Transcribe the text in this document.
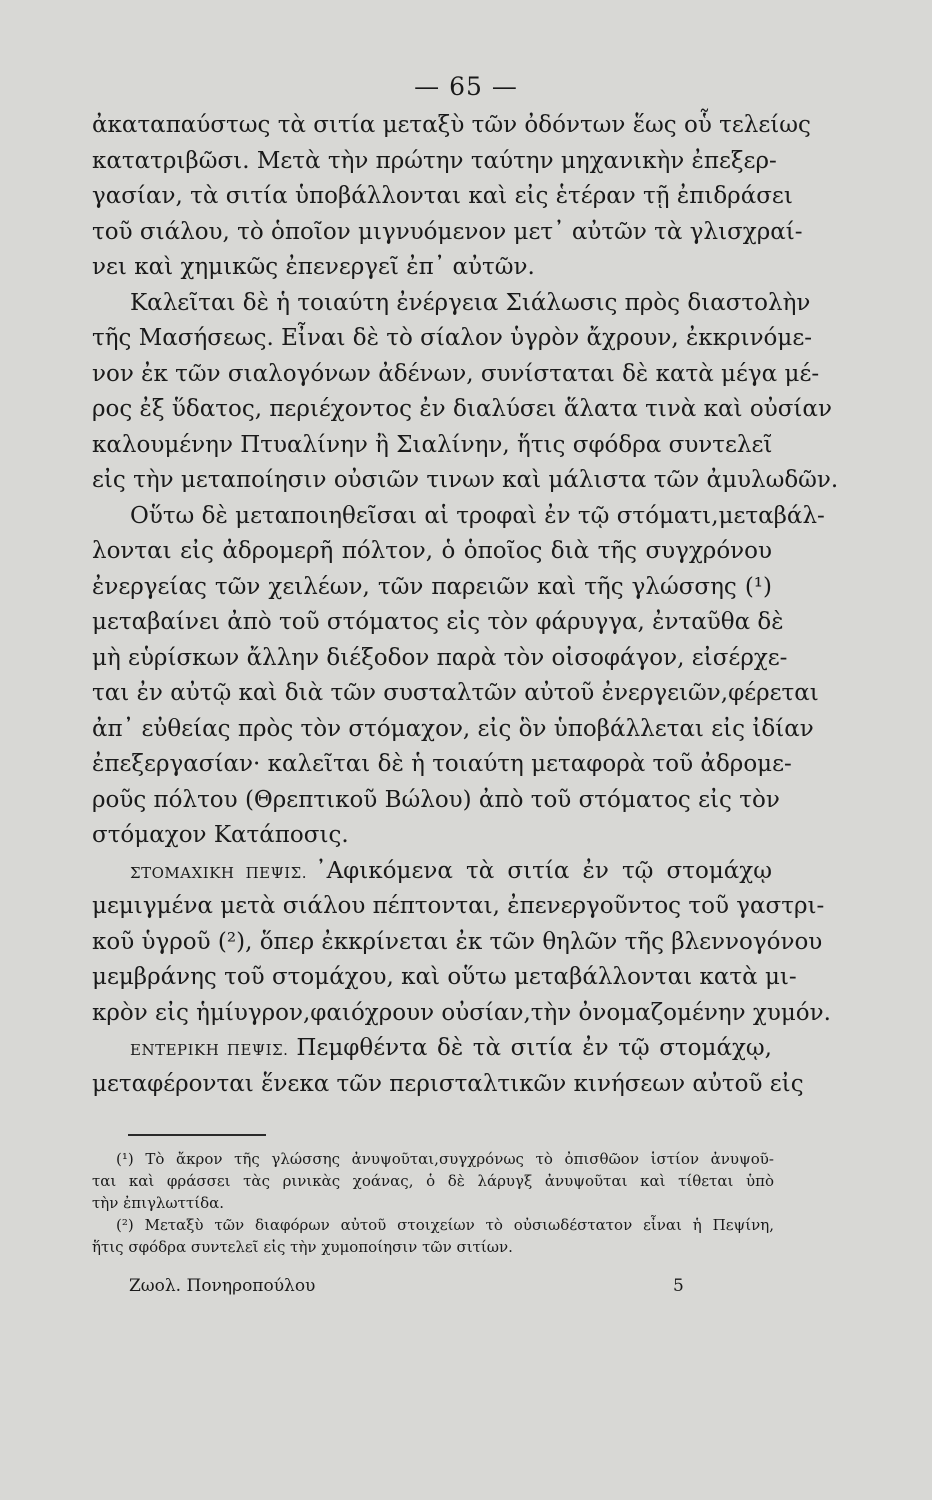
— 65 —
ἀκαταπαύστως τὰ σιτία μεταξὺ τῶν ὀδόντων ἕως οὗ τελείως
κατατριβῶσι. Μετὰ τὴν πρώτην ταύτην μηχανικὴν ἐπεξερ-
γασίαν, τὰ σιτία ὑποβάλλονται καὶ εἰς ἑτέραν τῇ ἐπιδράσει
τοῦ σιάλου, τὸ ὁποῖον μιγνυόμενον μετ᾽ αὐτῶν τὰ γλισχραί-
νει καὶ χημικῶς ἐπενεργεῖ ἐπ᾽ αὐτῶν.
Καλεῖται δὲ ἡ τοιαύτη ἐνέργεια Σιάλωσις πρὸς διαστολὴν
τῆς Μασήσεως. Εἶναι δὲ τὸ σίαλον ὑγρὸν ἄχρουν, ἐκκρινόμε-
νον ἐκ τῶν σιαλογόνων ἀδένων, συνίσταται δὲ κατὰ μέγα μέ-
ρος ἐξ ὕδατος, περιέχοντος ἐν διαλύσει ἅλατα τινὰ καὶ οὐσίαν
καλουμένην Πτυαλίνην ἢ Σιαλίνην, ἥτις σφόδρα συντελεῖ
εἰς τὴν μεταποίησιν οὐσιῶν τινων καὶ μάλιστα τῶν ἀμυλωδῶν.
Οὕτω δὲ μεταποιηθεῖσαι αἱ τροφαὶ ἐν τῷ στόματι,μεταβάλ-
λονται εἰς ἀδρομερῆ πόλτον, ὁ ὁποῖος διὰ τῆς συγχρόνου
ἐνεργείας τῶν χειλέων, τῶν παρειῶν καὶ τῆς γλώσσης (¹)
μεταβαίνει ἀπὸ τοῦ στόματος εἰς τὸν φάρυγγα, ἐνταῦθα δὲ
μὴ εὑρίσκων ἄλλην διέξοδον παρὰ τὸν οἰσοφάγον, εἰσέρχε-
ται ἐν αὐτῷ καὶ διὰ τῶν συσταλτῶν αὐτοῦ ἐνεργειῶν,φέρεται
ἀπ᾽ εὐθείας πρὸς τὸν στόμαχον, εἰς ὃν ὑποβάλλεται εἰς ἰδίαν
ἐπεξεργασίαν· καλεῖται δὲ ἡ τοιαύτη μεταφορὰ τοῦ ἀδρομε-
ροῦς πόλτου (Θρεπτικοῦ Βώλου) ἀπὸ τοῦ στόματος εἰς τὸν
στόμαχον Κατάποσις.
ΣΤΟΜΑΧΙΚΗ ΠΕΨΙΣ. ᾽Αφικόμενα τὰ σιτία ἐν τῷ στομάχῳ
μεμιγμένα μετὰ σιάλου πέπτονται, ἐπενεργοῦντος τοῦ γαστρι-
κοῦ ὑγροῦ (²), ὅπερ ἐκκρίνεται ἐκ τῶν θηλῶν τῆς βλεννογόνου
μεμβράνης τοῦ στομάχου, καὶ οὕτω μεταβάλλονται κατὰ μι-
κρὸν εἰς ἡμίυγρον,φαιόχρουν οὐσίαν,τὴν ὀνομαζομένην χυμόν.
ΕΝΤΕΡΙΚΗ ΠΕΨΙΣ. Πεμφθέντα δὲ τὰ σιτία ἐν τῷ στομάχῳ,
μεταφέρονται ἕνεκα τῶν περισταλτικῶν κινήσεων αὐτοῦ εἰς
(¹) Τὸ ἄκρον τῆς γλώσσης ἀνυψοῦται,συγχρόνως τὸ ὀπισθῶον ἱστίον ἀνυψοῦ-
ται καὶ φράσσει τὰς ρινικὰς χοάνας, ὁ δὲ λάρυγξ ἀνυψοῦται καὶ τίθεται ὑπὸ
τὴν ἐπιγλωττίδα.
(²) Μεταξὺ τῶν διαφόρων αὐτοῦ στοιχείων τὸ οὐσιωδέστατον εἶναι ἡ Πεψίνη,
ἥτις σφόδρα συντελεῖ εἰς τὴν χυμοποίησιν τῶν σιτίων.
Ζωολ. Πονηροπούλου	5
